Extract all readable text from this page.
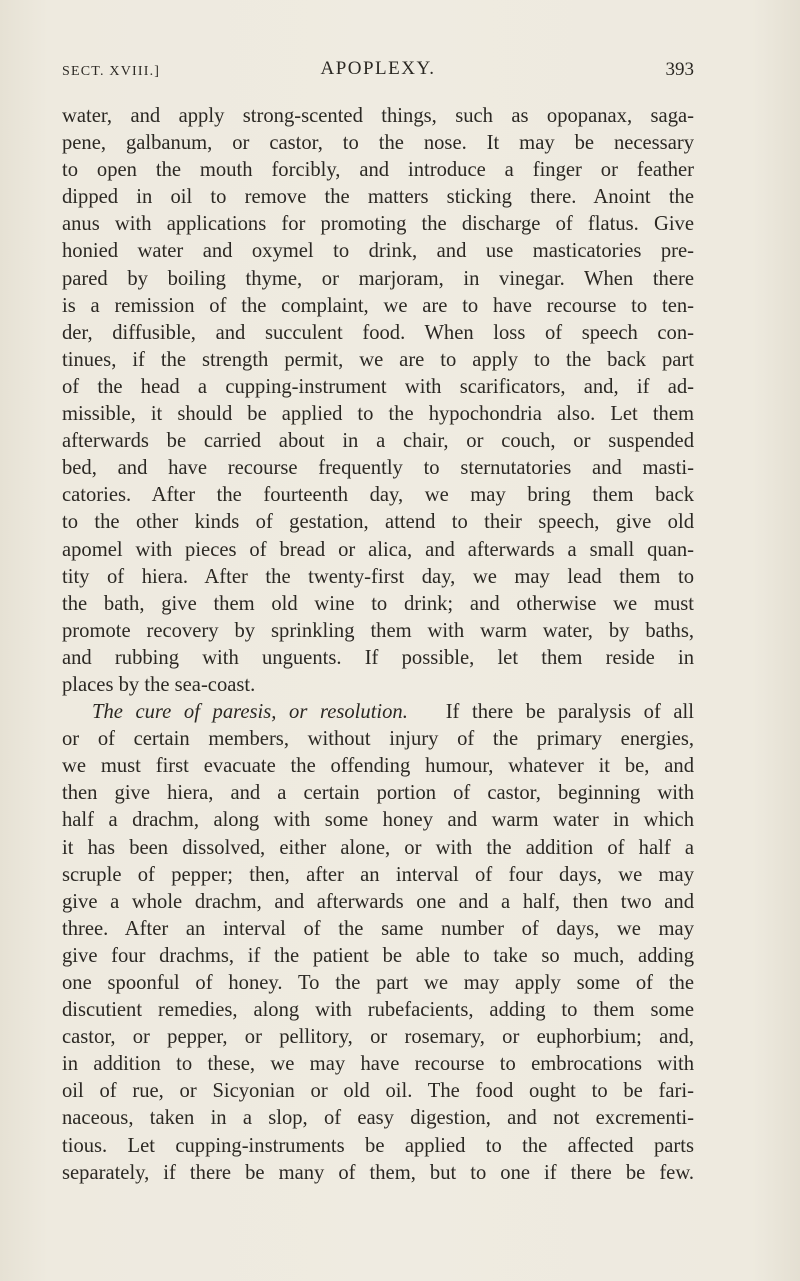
SECT. XVIII.]	APOPLEXY.	393
water, and apply strong-scented things, such as opopanax, saga-
pene, galbanum, or castor, to the nose. It may be necessary
to open the mouth forcibly, and introduce a finger or feather
dipped in oil to remove the matters sticking there. Anoint the
anus with applications for promoting the discharge of flatus. Give
honied water and oxymel to drink, and use masticatories pre-
pared by boiling thyme, or marjoram, in vinegar. When there
is a remission of the complaint, we are to have recourse to ten-
der, diffusible, and succulent food. When loss of speech con-
tinues, if the strength permit, we are to apply to the back part
of the head a cupping-instrument with scarificators, and, if ad-
missible, it should be applied to the hypochondria also. Let them
afterwards be carried about in a chair, or couch, or suspended
bed, and have recourse frequently to sternutatories and masti-
catories. After the fourteenth day, we may bring them back
to the other kinds of gestation, attend to their speech, give old
apomel with pieces of bread or alica, and afterwards a small quan-
tity of hiera. After the twenty-first day, we may lead them to
the bath, give them old wine to drink; and otherwise we must
promote recovery by sprinkling them with warm water, by baths,
and rubbing with unguents. If possible, let them reside in
places by the sea-coast.
The cure of paresis, or resolution. If there be paralysis of all
or of certain members, without injury of the primary energies,
we must first evacuate the offending humour, whatever it be, and
then give hiera, and a certain portion of castor, beginning with
half a drachm, along with some honey and warm water in which
it has been dissolved, either alone, or with the addition of half a
scruple of pepper; then, after an interval of four days, we may
give a whole drachm, and afterwards one and a half, then two and
three. After an interval of the same number of days, we may
give four drachms, if the patient be able to take so much, adding
one spoonful of honey. To the part we may apply some of the
discutient remedies, along with rubefacients, adding to them some
castor, or pepper, or pellitory, or rosemary, or euphorbium; and,
in addition to these, we may have recourse to embrocations with
oil of rue, or Sicyonian or old oil. The food ought to be fari-
naceous, taken in a slop, of easy digestion, and not excrementi-
tious. Let cupping-instruments be applied to the affected parts
separately, if there be many of them, but to one if there be few.
